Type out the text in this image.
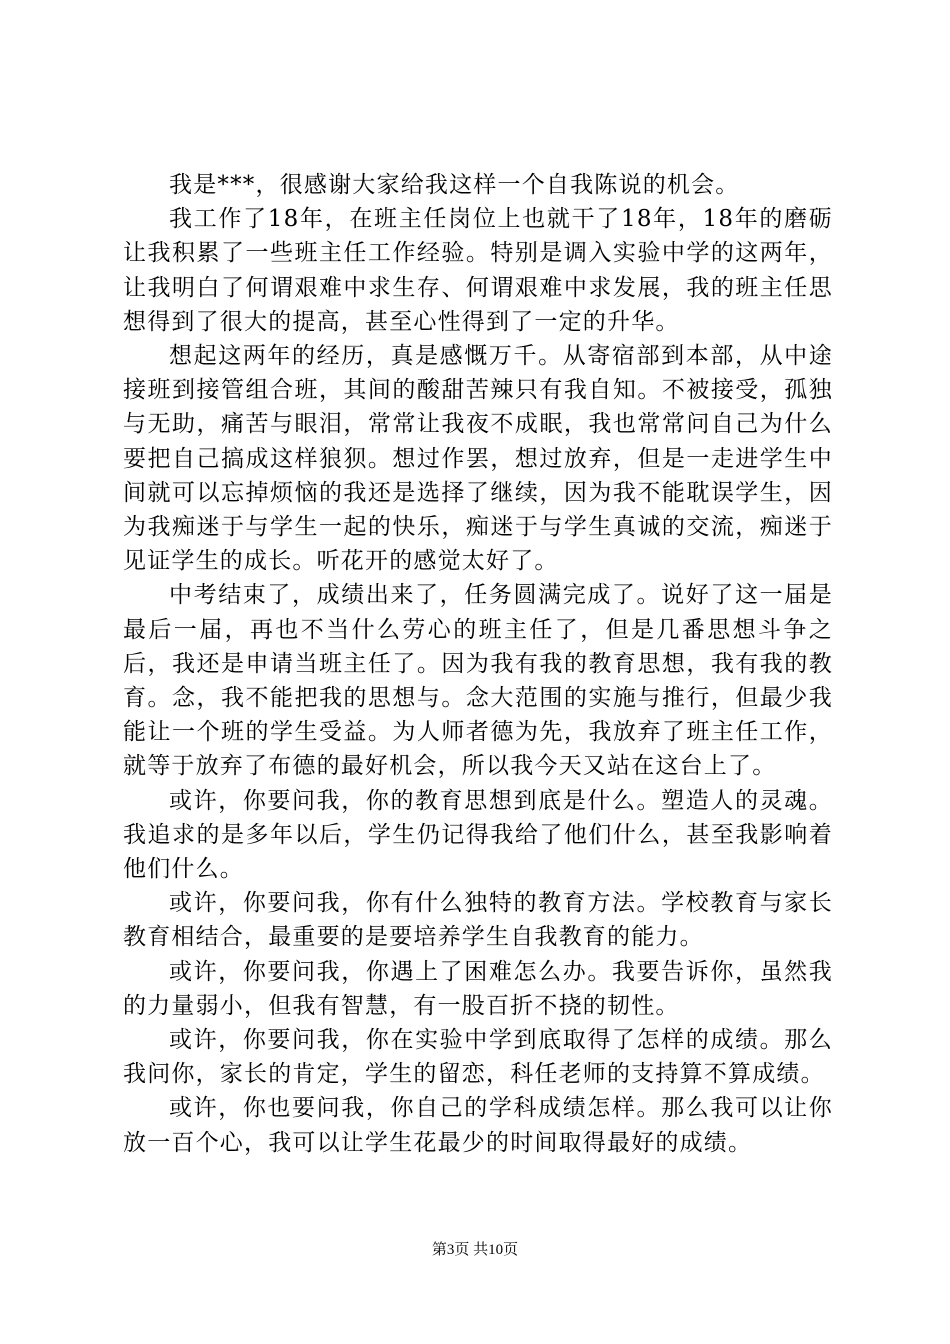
我是***，很感谢大家给我这样一个自我陈说的机会。

我工作了18年，在班主任岗位上也就干了18年，18年的磨砺让我积累了一些班主任工作经验。特别是调入实验中学的这两年，让我明白了何谓艰难中求生存、何谓艰难中求发展，我的班主任思想得到了很大的提高，甚至心性得到了一定的升华。

想起这两年的经历，真是感慨万千。从寄宿部到本部，从中途接班到接管组合班，其间的酸甜苦辣只有我自知。不被接受，孤独与无助，痛苦与眼泪，常常让我夜不成眠，我也常常问自己为什么要把自己搞成这样狼狈。想过作罢，想过放弃，但是一走进学生中间就可以忘掉烦恼的我还是选择了继续，因为我不能耽误学生，因为我痴迷于与学生一起的快乐，痴迷于与学生真诚的交流，痴迷于见证学生的成长。听花开的感觉太好了。

中考结束了，成绩出来了，任务圆满完成了。说好了这一届是最后一届，再也不当什么劳心的班主任了，但是几番思想斗争之后，我还是申请当班主任了。因为我有我的教育思想，我有我的教育。念，我不能把我的思想与。念大范围的实施与推行，但最少我能让一个班的学生受益。为人师者德为先，我放弃了班主任工作，就等于放弃了布德的最好机会，所以我今天又站在这台上了。

或许，你要问我，你的教育思想到底是什么。塑造人的灵魂。我追求的是多年以后，学生仍记得我给了他们什么，甚至我影响着他们什么。

或许，你要问我，你有什么独特的教育方法。学校教育与家长教育相结合，最重要的是要培养学生自我教育的能力。

或许，你要问我，你遇上了困难怎么办。我要告诉你，虽然我的力量弱小，但我有智慧，有一股百折不挠的韧性。

或许，你要问我，你在实验中学到底取得了怎样的成绩。那么我问你，家长的肯定，学生的留恋，科任老师的支持算不算成绩。

或许，你也要问我，你自己的学科成绩怎样。那么我可以让你放一百个心，我可以让学生花最少的时间取得最好的成绩。

第3页 共10页
